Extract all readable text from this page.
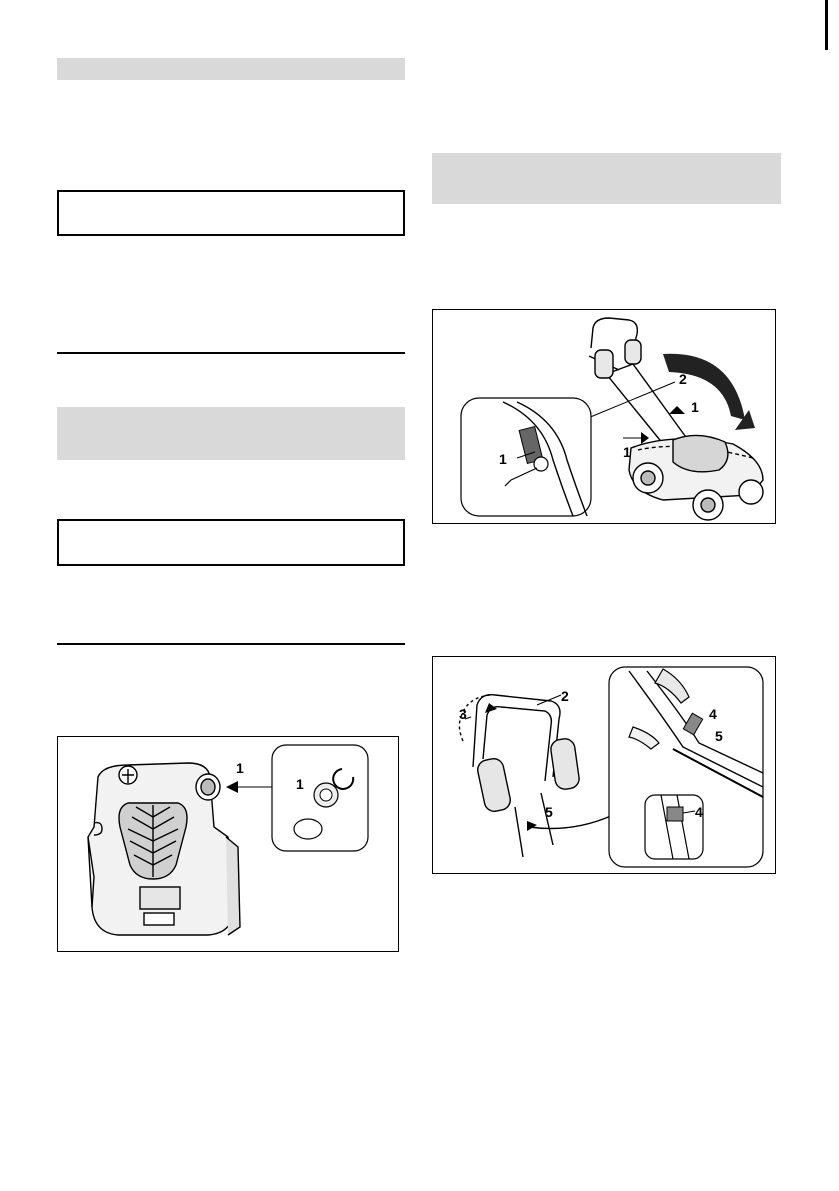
1
1
2
1
1
1
2
3
5
4
5
4
